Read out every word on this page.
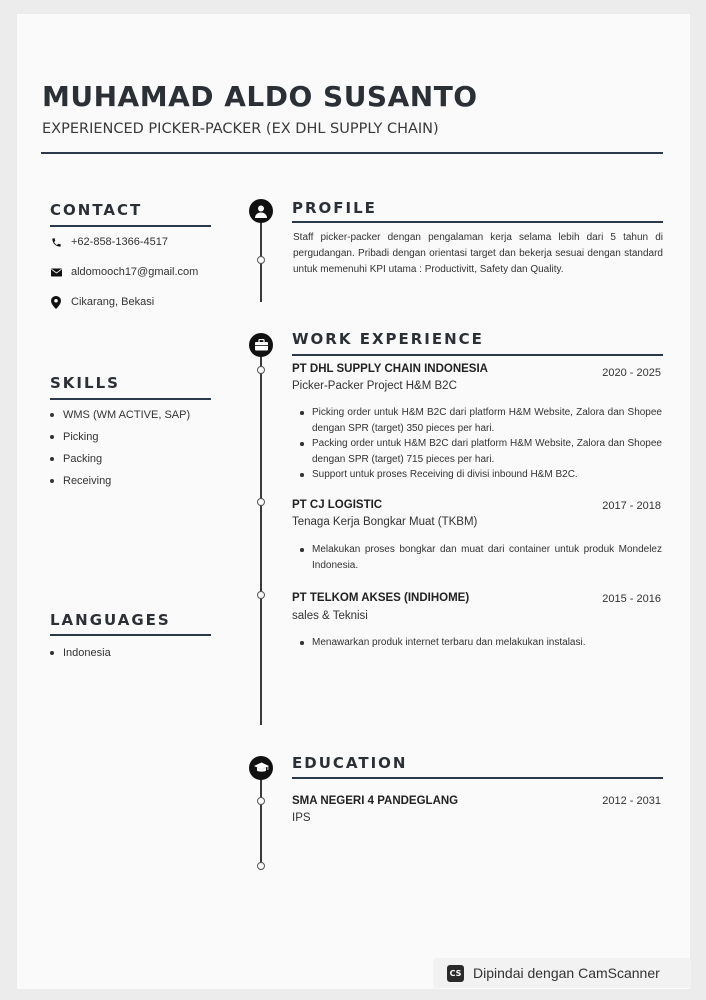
MUHAMAD ALDO SUSANTO
EXPERIENCED PICKER-PACKER (EX DHL SUPPLY CHAIN)
CONTACT
+62-858-1366-4517
aldomooch17@gmail.com
Cikarang, Bekasi
SKILLS
WMS (WM ACTIVE, SAP)
Picking
Packing
Receiving
LANGUAGES
Indonesia
PROFILE
Staff picker-packer dengan pengalaman kerja selama lebih dari 5 tahun di pergudangan. Pribadi dengan orientasi target dan bekerja sesuai dengan standard untuk memenuhi KPI utama : Productivitt, Safety dan Quality.
WORK EXPERIENCE
PT DHL SUPPLY CHAIN INDONESIA	2020 - 2025
Picker-Packer Project H&M B2C
Picking order untuk H&M B2C dari platform H&M Website, Zalora dan Shopee dengan SPR (target) 350 pieces per hari.
Packing order untuk H&M B2C dari platform H&M Website, Zalora dan Shopee dengan SPR (target) 715 pieces per hari.
Support untuk proses Receiving di divisi inbound H&M B2C.
PT CJ LOGISTIC	2017 - 2018
Tenaga Kerja Bongkar Muat (TKBM)
Melakukan proses bongkar dan muat dari container untuk produk Mondelez Indonesia.
PT TELKOM AKSES (INDIHOME)	2015 - 2016
sales & Teknisi
Menawarkan produk internet terbaru dan melakukan instalasi.
EDUCATION
SMA NEGERI 4 PANDEGLANG	2012 - 2031
IPS
CS Dipindai dengan CamScanner
